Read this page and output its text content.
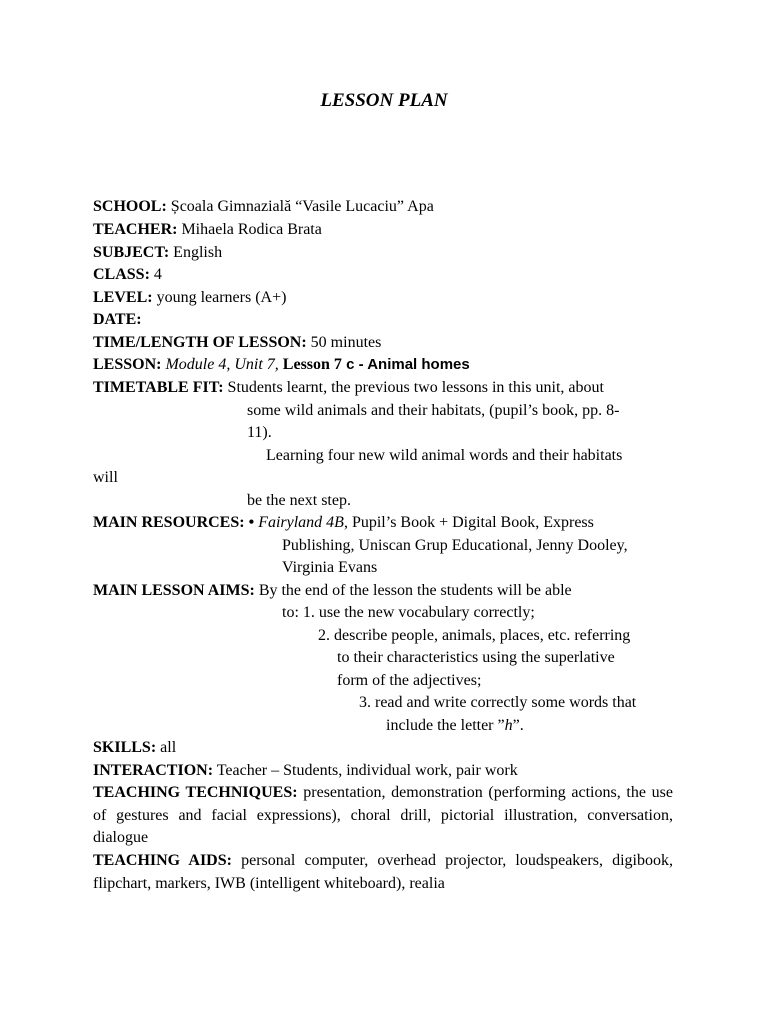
LESSON PLAN
SCHOOL: Școala Gimnazială “Vasile Lucaciu” Apa
TEACHER: Mihaela Rodica Brata
SUBJECT: English
CLASS: 4
LEVEL: young learners (A+)
DATE:
TIME/LENGTH OF LESSON: 50 minutes
LESSON: Module 4, Unit 7, Lesson 7 c - Animal homes
TIMETABLE FIT: Students learnt, the previous two lessons in this unit, about
some wild animals and their habitats, (pupil’s book, pp. 8-
11).
Learning four new wild animal words and their habitats
will
be the next step.
MAIN RESOURCES: • Fairyland 4B, Pupil’s Book + Digital Book, Express
Publishing, Uniscan Grup Educational, Jenny Dooley,
Virginia Evans
MAIN LESSON AIMS: By the end of the lesson the students will be able
to: 1. use the new vocabulary correctly;
2. describe people, animals, places, etc. referring
to their characteristics using the superlative
form of the adjectives;
3. read and write correctly some words that
include the letter ”h”.
SKILLS: all
INTERACTION: Teacher – Students, individual work, pair work
TEACHING TECHNIQUES: presentation, demonstration (performing actions, the use of gestures and facial expressions), choral drill, pictorial illustration, conversation, dialogue
TEACHING AIDS: personal computer, overhead projector, loudspeakers, digibook, flipchart, markers, IWB (intelligent whiteboard), realia
